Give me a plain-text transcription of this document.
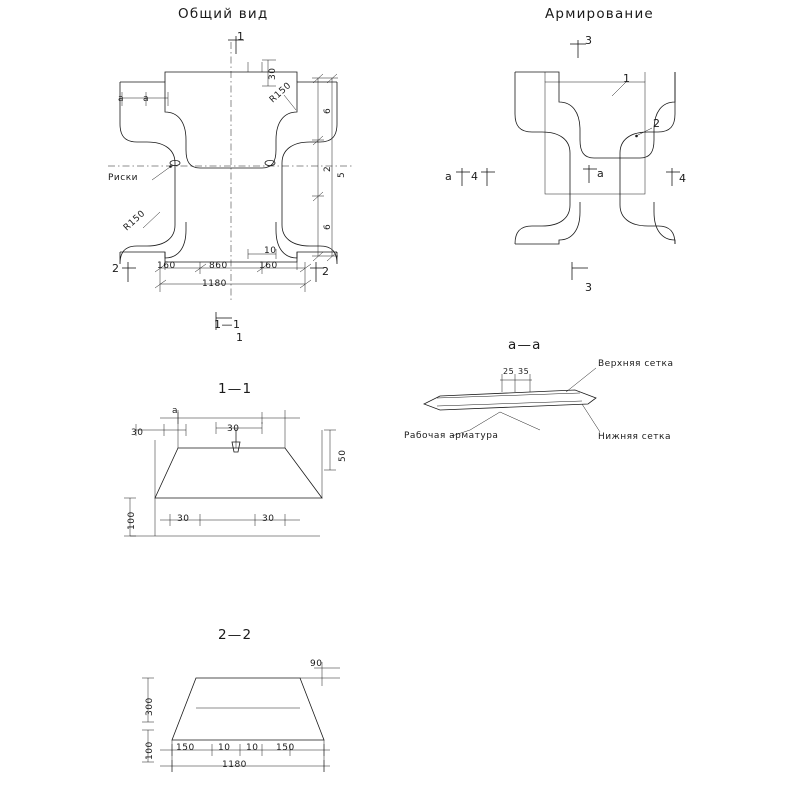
Общий вид	Армирование
1
1
1—1
2	2
30
a a	R150
R150
6
2
6
5
160	860	160
10
1180
Риски
3
3
4	4
a	a
1
2
а—а
25 35
Верхняя сетка
Нижняя сетка
Рабочая арматура
1—1
a
30	30
50
30	30
100
2—2
90
300
100 150	10 10 150
1180
